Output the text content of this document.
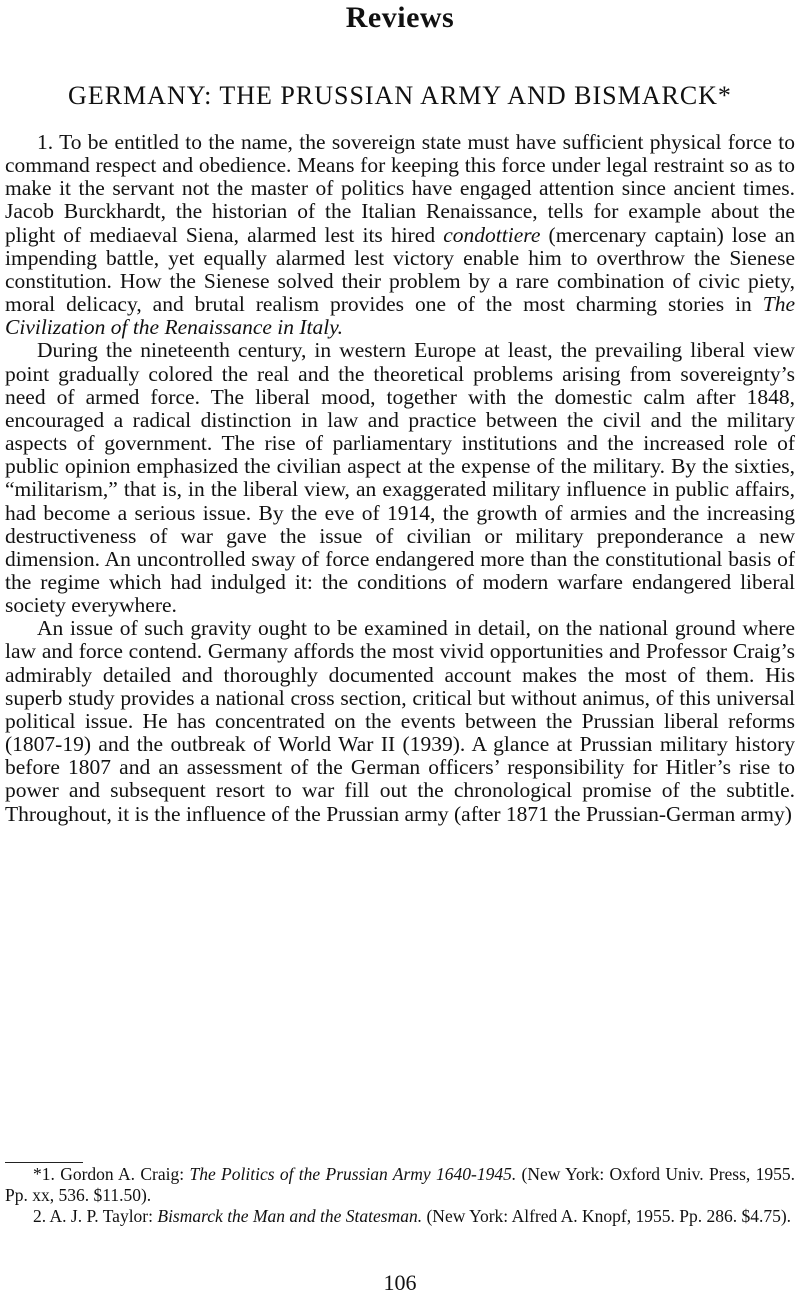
Reviews
GERMANY: THE PRUSSIAN ARMY AND BISMARCK*

1. To be entitled to the name, the sovereign state must have sufficient physical force to command respect and obedience. Means for keeping this force under legal restraint so as to make it the servant not the master of politics have engaged attention since ancient times. Jacob Burckhardt, the historian of the Italian Renaissance, tells for example about the plight of mediaeval Siena, alarmed lest its hired condottiere (mercenary captain) lose an impending battle, yet equally alarmed lest victory enable him to overthrow the Sienese constitution. How the Sienese solved their problem by a rare combination of civic piety, moral delicacy, and brutal realism provides one of the most charming stories in The Civilization of the Renaissance in Italy.

During the nineteenth century, in western Europe at least, the prevailing liberal view point gradually colored the real and the theoretical problems arising from sovereignty’s need of armed force. The liberal mood, together with the domestic calm after 1848, encouraged a radical distinction in law and practice between the civil and the military aspects of government. The rise of parliamentary institutions and the increased role of public opinion emphasized the civilian aspect at the expense of the military. By the sixties, “militarism,” that is, in the liberal view, an exaggerated military influence in public affairs, had become a serious issue. By the eve of 1914, the growth of armies and the increasing destructiveness of war gave the issue of civilian or military preponderance a new dimension. An uncontrolled sway of force endangered more than the constitutional basis of the regime which had indulged it: the conditions of modern warfare endangered liberal society everywhere.

An issue of such gravity ought to be examined in detail, on the national ground where law and force contend. Germany affords the most vivid opportunities and Professor Craig’s admirably detailed and thoroughly documented account makes the most of them. His superb study provides a national cross section, critical but without animus, of this universal political issue. He has concentrated on the events between the Prussian liberal reforms (1807-19) and the outbreak of World War II (1939). A glance at Prussian military history before 1807 and an assessment of the German officers’ responsibility for Hitler’s rise to power and subsequent resort to war fill out the chronological promise of the subtitle. Throughout, it is the influence of the Prussian army (after 1871 the Prussian-German army)

*1. Gordon A. Craig: The Politics of the Prussian Army 1640-1945. (New York: Oxford Univ. Press, 1955. Pp. xx, 536. $11.50).

2. A. J. P. Taylor: Bismarck the Man and the Statesman. (New York: Alfred A. Knopf, 1955. Pp. 286. $4.75).

106
